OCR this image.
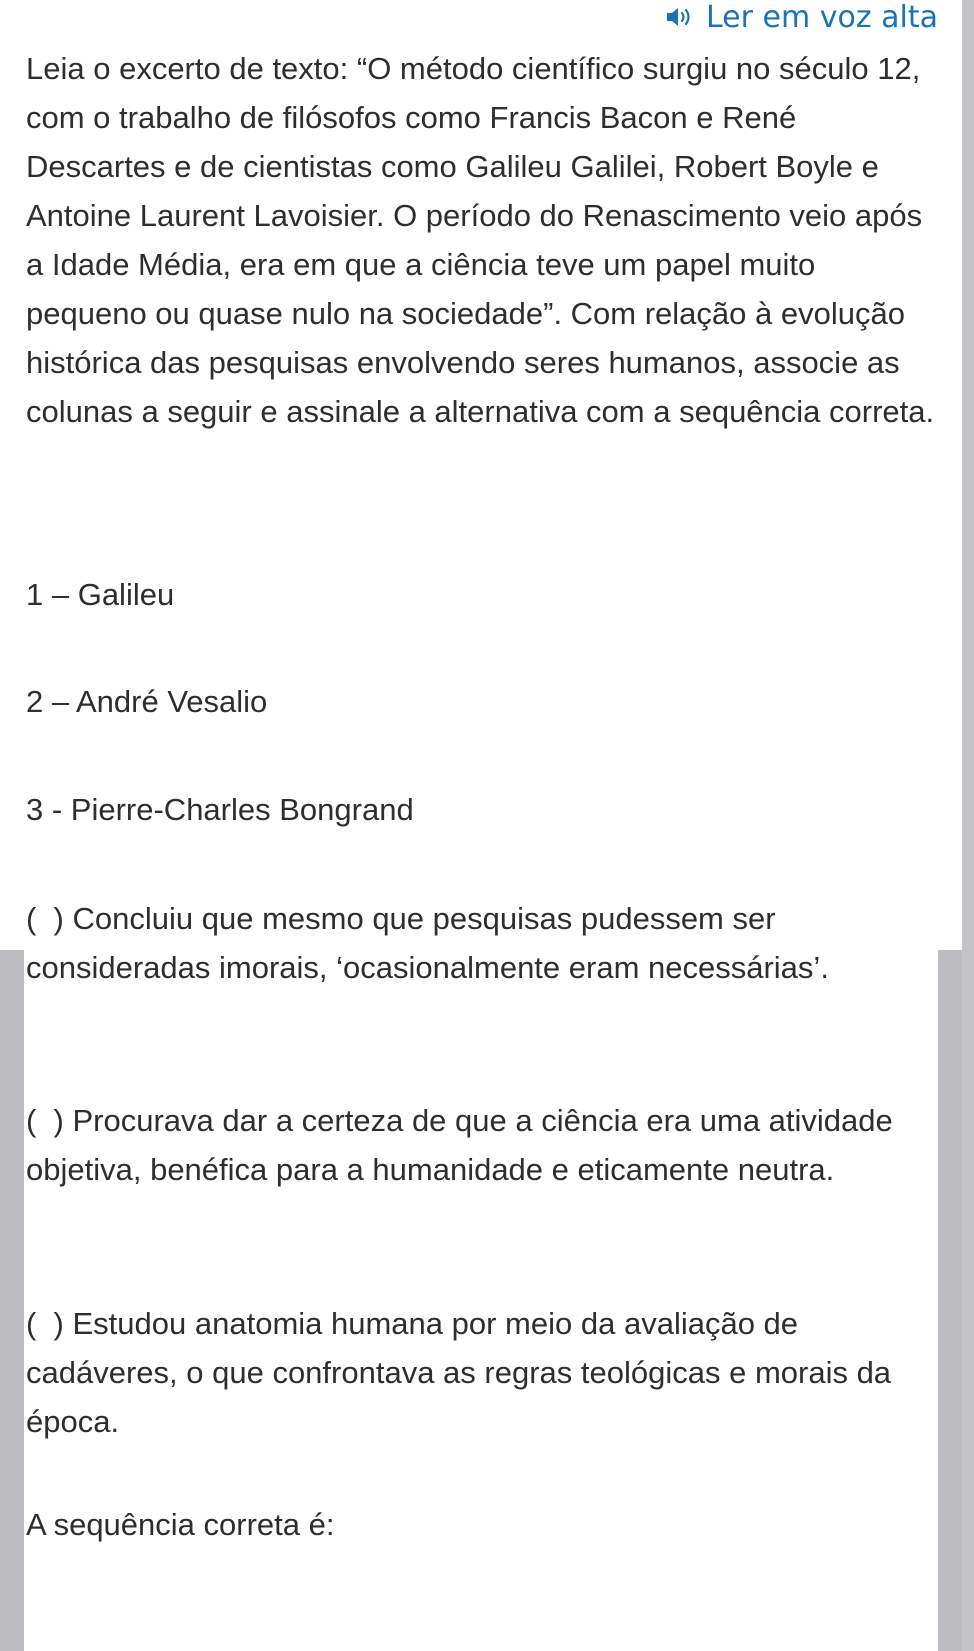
Ler em voz alta

Leia o excerto de texto: “O método científico surgiu no século 12, com o trabalho de filósofos como Francis Bacon e René Descartes e de cientistas como Galileu Galilei, Robert Boyle e Antoine Laurent Lavoisier. O período do Renascimento veio após a Idade Média, era em que a ciência teve um papel muito pequeno ou quase nulo na sociedade”. Com relação à evolução histórica das pesquisas envolvendo seres humanos, associe as colunas a seguir e assinale a alternativa com a sequência correta.

1 – Galileu
2 – André Vesalio
3 - Pierre-Charles Bongrand
(  ) Concluiu que mesmo que pesquisas pudessem ser consideradas imorais, ‘ocasionalmente eram necessárias’.
(  ) Procurava dar a certeza de que a ciência era uma atividade objetiva, benéfica para a humanidade e eticamente neutra.
(  ) Estudou anatomia humana por meio da avaliação de cadáveres, o que confrontava as regras teológicas e morais da época.
A sequência correta é:
